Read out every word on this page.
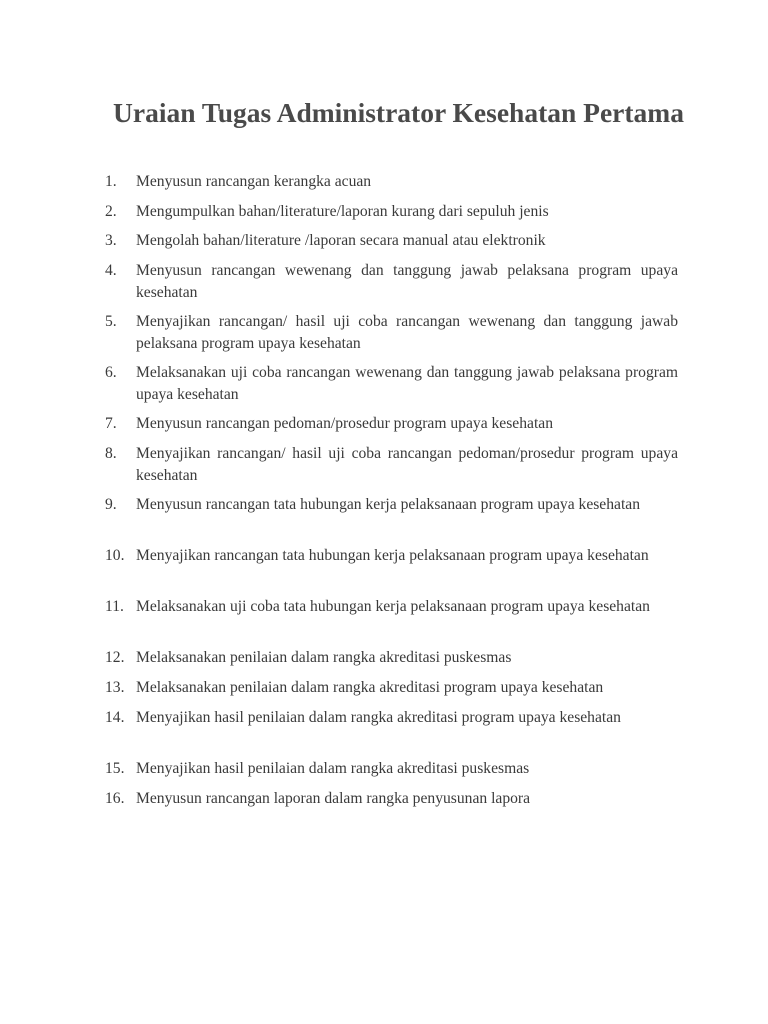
Uraian Tugas Administrator Kesehatan Pertama
1. Menyusun rancangan kerangka acuan
2. Mengumpulkan bahan/literature/laporan kurang dari sepuluh jenis
3. Mengolah bahan/literature /laporan secara manual atau elektronik
4. Menyusun rancangan wewenang dan tanggung jawab pelaksana program upaya kesehatan
5. Menyajikan rancangan/ hasil uji coba rancangan wewenang dan tanggung jawab pelaksana program upaya kesehatan
6. Melaksanakan uji coba rancangan wewenang dan tanggung jawab pelaksana program upaya kesehatan
7. Menyusun rancangan pedoman/prosedur program upaya kesehatan
8. Menyajikan rancangan/ hasil uji coba rancangan pedoman/prosedur program upaya kesehatan
9. Menyusun rancangan tata hubungan kerja pelaksanaan program upaya kesehatan
10. Menyajikan rancangan tata hubungan kerja pelaksanaan program upaya kesehatan
11. Melaksanakan uji coba tata hubungan kerja pelaksanaan program upaya kesehatan
12. Melaksanakan penilaian dalam rangka akreditasi puskesmas
13. Melaksanakan penilaian dalam rangka akreditasi program upaya kesehatan
14. Menyajikan hasil penilaian dalam rangka akreditasi program upaya kesehatan
15. Menyajikan hasil penilaian dalam rangka akreditasi puskesmas
16. Menyusun rancangan laporan dalam rangka penyusunan lapora
